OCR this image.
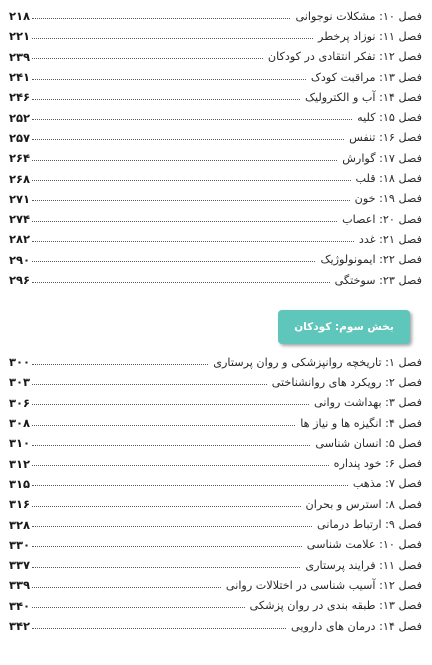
فصل ۱۰: مشکلات نوجوانی
۲۱۸
فصل ۱۱: نوزاد پرخطر
۲۲۱
فصل ۱۲: تفکر انتقادی در کودکان
۲۳۹
فصل ۱۳: مراقبت کودک
۲۴۱
فصل ۱۴: آب و الکترولیک
۲۴۶
فصل ۱۵: کلیه
۲۵۲
فصل ۱۶: تنفس
۲۵۷
فصل ۱۷: گوارش
۲۶۴
فصل ۱۸: قلب
۲۶۸
فصل ۱۹: خون
۲۷۱
فصل ۲۰: اعصاب
۲۷۴
فصل ۲۱: غدد
۲۸۲
فصل ۲۲: ایمونولوژیک
۲۹۰
فصل ۲۳: سوختگی
۲۹۶
بخش سوم: کودکان
فصل ۱: تاریخچه روانپزشکی و روان پرستاری
۳۰۰
فصل ۲: رویکرد های روانشناختی
۳۰۳
فصل ۳: بهداشت روانی
۳۰۶
فصل ۴: انگیزه ها و نیاز ها
۳۰۸
فصل ۵: انسان شناسی
۳۱۰
فصل ۶: خود پنداره
۳۱۲
فصل ۷: مذهب
۳۱۵
فصل ۸: استرس و بحران
۳۱۶
فصل ۹: ارتباط درمانی
۳۲۸
فصل ۱۰: علامت شناسی
۳۳۰
فصل ۱۱: فرایند پرستاری
۳۳۷
فصل ۱۲: آسیب شناسی در اختلالات روانی
۳۳۹
فصل ۱۳: طبقه بندی در روان پزشکی
۳۴۰
فصل ۱۴: درمان های دارویی
۳۴۲
